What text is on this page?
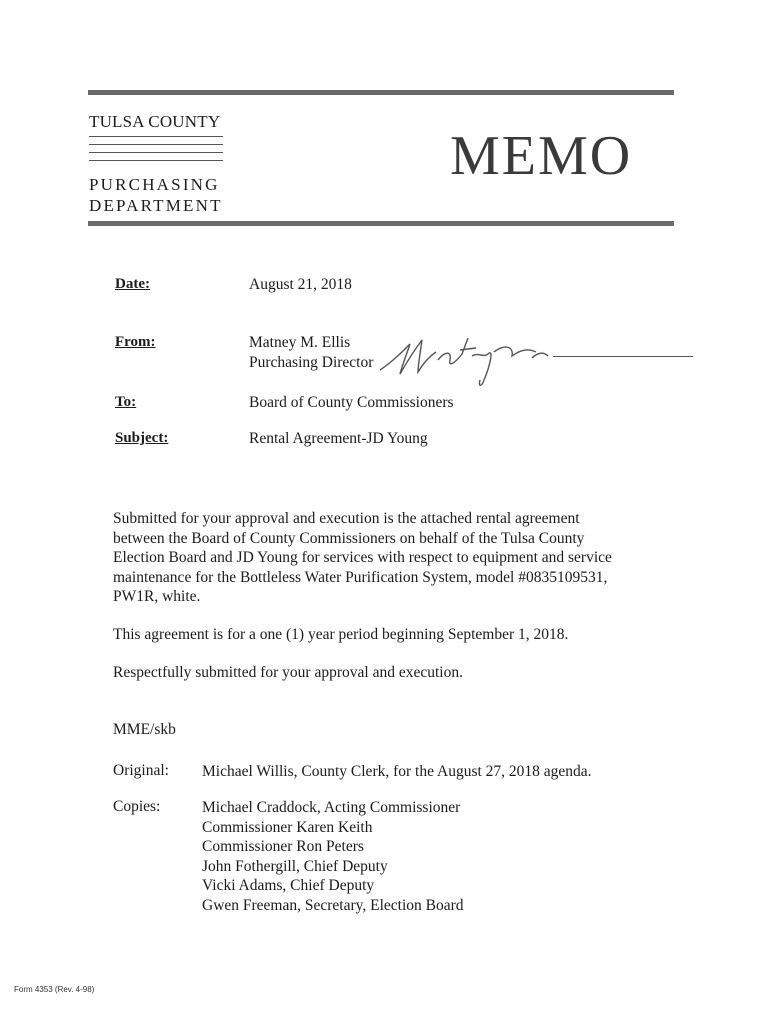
TULSA COUNTY
PURCHASING
DEPARTMENT
MEMO
Date:	August 21, 2018
From:	Matney M. Ellis
Purchasing Director
To:	Board of County Commissioners
Subject:	Rental Agreement-JD Young
Submitted for your approval and execution is the attached rental agreement
between the Board of County Commissioners on behalf of the Tulsa County
Election Board and JD Young for services with respect to equipment and service
maintenance for the Bottleless Water Purification System, model #0835109531,
PW1R, white.
This agreement is for a one (1) year period beginning September 1, 2018.
Respectfully submitted for your approval and execution.
MME/skb
Original: Michael Willis, County Clerk, for the August 27, 2018 agenda.
Copies:	Michael Craddock, Acting Commissioner
Commissioner Karen Keith
Commissioner Ron Peters
John Fothergill, Chief Deputy
Vicki Adams, Chief Deputy
Gwen Freeman, Secretary, Election Board
Form 4353 (Rev. 4-98)
